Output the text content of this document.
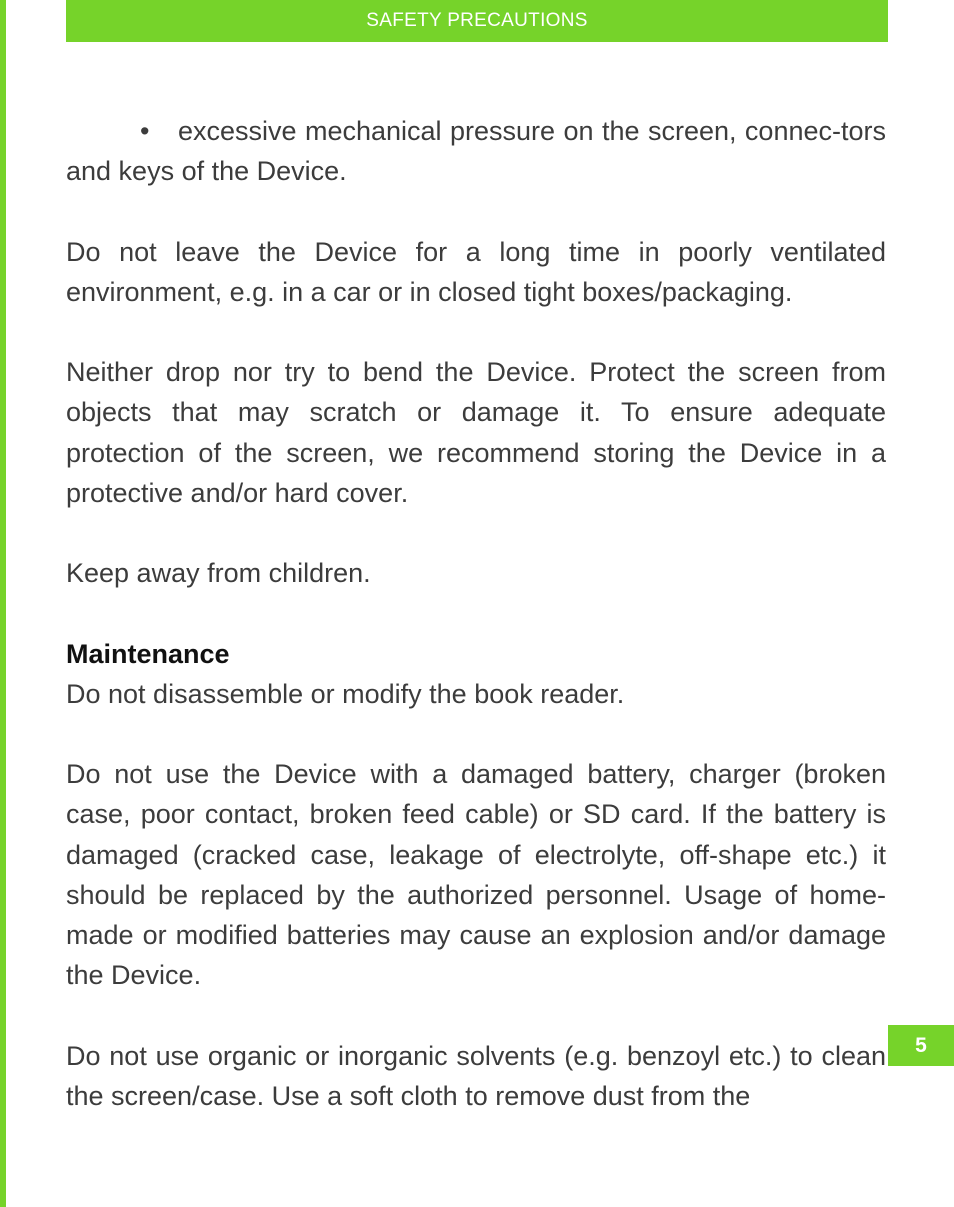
SAFETY PRECAUTIONS

• excessive mechanical pressure on the screen, connec-tors and keys of the Device.

Do not leave the Device for a long time in poorly ventilated environment, e.g. in a car or in closed tight boxes/packaging.

Neither drop nor try to bend the Device. Protect the screen from objects that may scratch or damage it. To ensure adequate protection of the screen, we recommend storing the Device in a protective and/or hard cover.

Keep away from children.

Maintenance

Do not disassemble or modify the book reader.

Do not use the Device with a damaged battery, charger (broken case, poor contact, broken feed cable) or SD card. If the battery is damaged (cracked case, leakage of electrolyte, off-shape etc.) it should be replaced by the authorized personnel. Usage of home-made or modified batteries may cause an explosion and/or damage the Device.

Do not use organic or inorganic solvents (e.g. benzoyl etc.) to clean the screen/case. Use a soft cloth to remove dust from the

5
